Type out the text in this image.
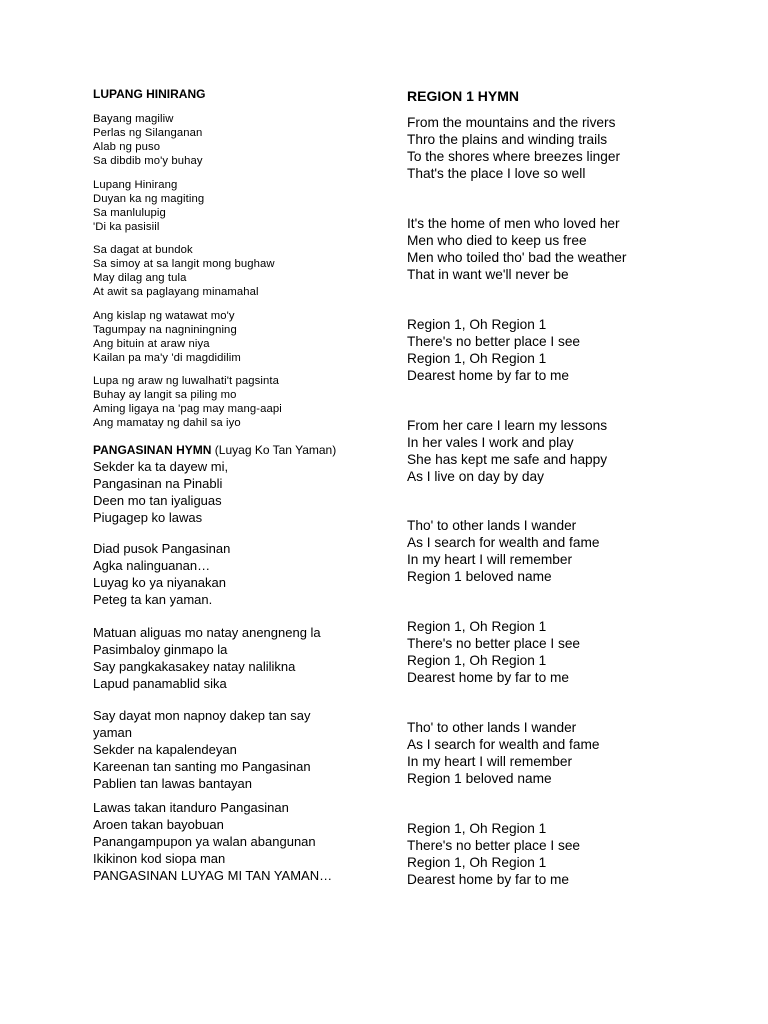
LUPANG HINIRANG
Bayang magiliw
Perlas ng Silanganan
Alab ng puso
Sa dibdib mo'y buhay
Lupang Hinirang
Duyan ka ng magiting
Sa manlulupig
'Di ka pasisiil
Sa dagat at bundok
Sa simoy at sa langit mong bughaw
May dilag ang tula
At awit sa paglayang minamahal
Ang kislap ng watawat mo'y
Tagumpay na nagniningning
Ang bituin at araw niya
Kailan pa ma'y 'di magdidilim
Lupa ng araw ng luwalhati't pagsinta
Buhay ay langit sa piling mo
Aming ligaya na 'pag may mang-aapi
Ang mamatay ng dahil sa iyo
PANGASINAN HYMN (Luyag Ko Tan Yaman)
Sekder ka ta dayew mi,
Pangasinan na Pinabli
Deen mo tan iyaliguas
Piugagep ko lawas
Diad pusok Pangasinan
Agka nalinguanan…
Luyag ko ya niyanakan
Peteg ta kan yaman.
Matuan aliguas mo natay anengneng la
Pasimbaloy ginmapo la
Say pangkakasakey natay nalilikna
Lapud panamablid sika
Say dayat mon napnoy dakep tan say
yaman
Sekder na kapalendeyan
Kareenan tan santing mo Pangasinan
Pablien tan lawas bantayan
Lawas takan itanduro Pangasinan
Aroen takan bayobuan
Panangampupon ya walan abangunan
Ikikinon kod siopa man
PANGASINAN LUYAG MI TAN YAMAN…
REGION 1 HYMN
From the mountains and the rivers
Thro the plains and winding trails
To the shores where breezes linger
That's the place I love so well
It's the home of men who loved her
Men who died to keep us free
Men who toiled tho' bad the weather
That in want we'll never be
Region 1, Oh Region 1
There's no better place I see
Region 1, Oh Region 1
Dearest home by far to me
From her care I learn my lessons
In her vales I work and play
She has kept me safe and happy
As I live on day by day
Tho' to other lands I wander
As I search for wealth and fame
In my heart I will remember
Region 1 beloved name
Region 1, Oh Region 1
There's no better place I see
Region 1, Oh Region 1
Dearest home by far to me
Tho' to other lands I wander
As I search for wealth and fame
In my heart I will remember
Region 1 beloved name
Region 1, Oh Region 1
There's no better place I see
Region 1, Oh Region 1
Dearest home by far to me
